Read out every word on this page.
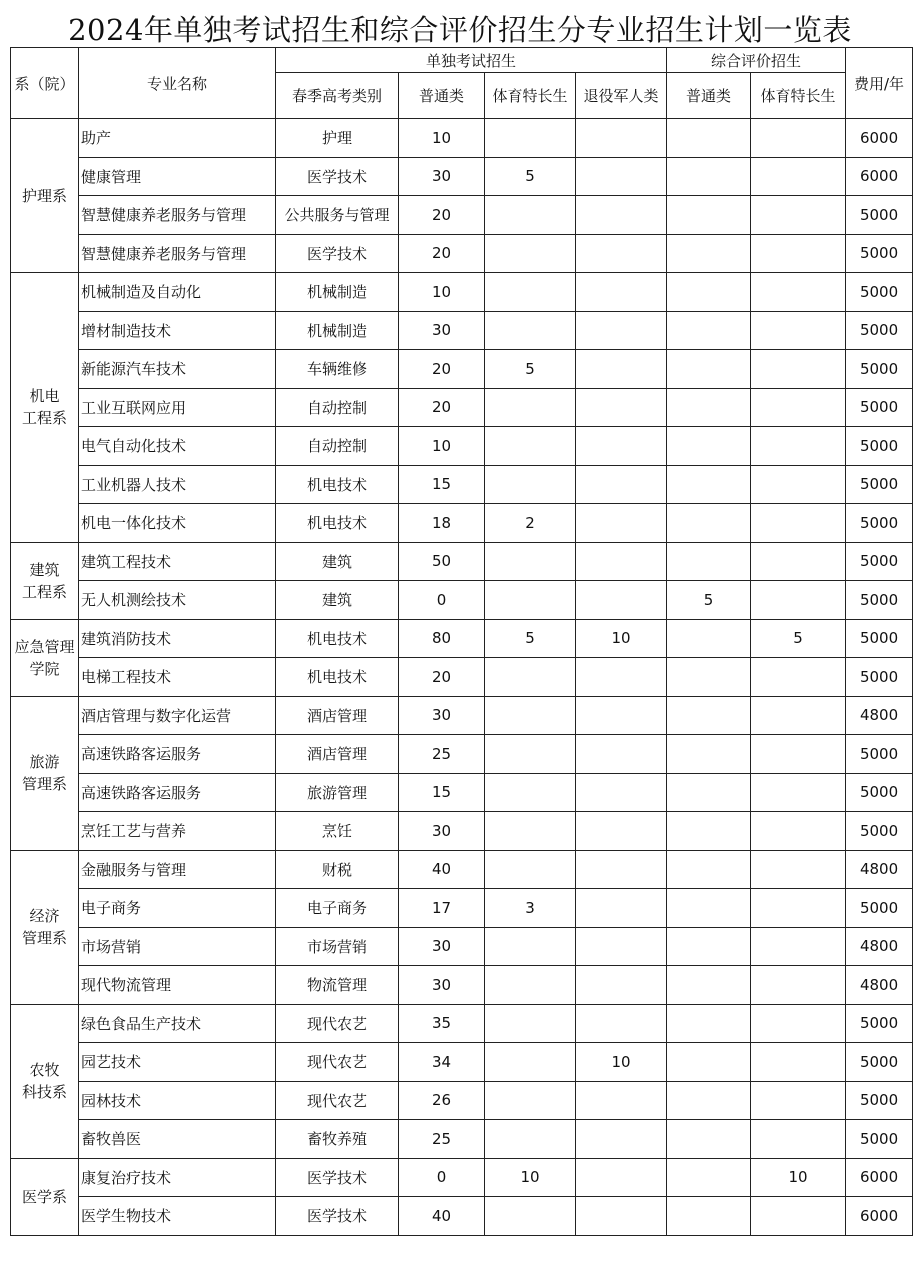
2024年单独考试招生和综合评价招生分专业招生计划一览表
系（院）	专业名称	单独考试招生				综合评价招生		费用/年
		春季高考类别	普通类	体育特长生	退役军人类	普通类	体育特长生	
护理系	助产	护理	10					6000
	健康管理	医学技术	30	5				6000
	智慧健康养老服务与管理	公共服务与管理	20					5000
	智慧健康养老服务与管理	医学技术	20					5000
机电
工程系	机械制造及自动化	机械制造	10					5000
	增材制造技术	机械制造	30					5000
	新能源汽车技术	车辆维修	20	5				5000
	工业互联网应用	自动控制	20					5000
	电气自动化技术	自动控制	10					5000
	工业机器人技术	机电技术	15					5000
	机电一体化技术	机电技术	18	2				5000
建筑
工程系	建筑工程技术	建筑	50					5000
	无人机测绘技术	建筑	0			5		5000
应急管理
学院	建筑消防技术	机电技术	80	5	10		5	5000
	电梯工程技术	机电技术	20					5000
旅游
管理系	酒店管理与数字化运营	酒店管理	30					4800
	高速铁路客运服务	酒店管理	25					5000
	高速铁路客运服务	旅游管理	15					5000
	烹饪工艺与营养	烹饪	30					5000
经济
管理系	金融服务与管理	财税	40					4800
	电子商务	电子商务	17	3				5000
	市场营销	市场营销	30					4800
	现代物流管理	物流管理	30					4800
农牧
科技系	绿色食品生产技术	现代农艺	35					5000
	园艺技术	现代农艺	34		10			5000
	园林技术	现代农艺	26					5000
	畜牧兽医	畜牧养殖	25					5000
医学系	康复治疗技术	医学技术	0	10			10	6000
	医学生物技术	医学技术	40					6000
